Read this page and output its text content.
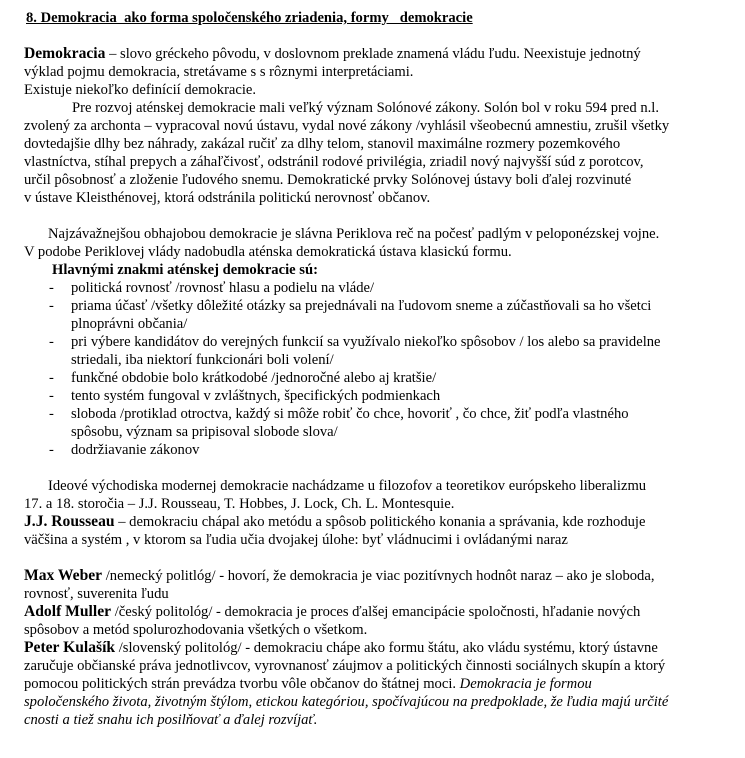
8. Demokracia  ako forma spoločenského zriadenia, formy   demokracie

Demokracia – slovo gréckeho pôvodu, v doslovnom preklade znamená vládu ľudu. Neexistuje jednotný

výklad pojmu demokracia, stretávame s s rôznymi interpretáciami.

Existuje niekoľko definícií demokracie.

Pre rozvoj aténskej demokracie mali veľký význam Solónové zákony. Solón bol v roku 594 pred n.l.

zvolený za archonta – vypracoval novú ústavu, vydal nové zákony /vyhlásil všeobecnú amnestiu, zrušil všetky

dovtedajšie dlhy bez náhrady, zakázal ručiť za dlhy telom, stanovil maximálne rozmery pozemkového

vlastníctva, stíhal prepych a záhaľčivosť, odstránil rodové privilégia, zriadil nový najvyšší súd z porotcov,

určil pôsobnosť a zloženie ľudového snemu. Demokratické prvky Solónovej ústavy boli ďalej rozvinuté

v ústave Kleisthénovej, ktorá odstránila politickú nerovnosť občanov.

Najzávažnejšou obhajobou demokracie je slávna Periklova reč na počesť padlým v peloponézskej vojne.

V podobe Periklovej vlády nadobudla aténska demokratická ústava klasickú formu.

Hlavnými znakmi aténskej demokracie sú:

- politická rovnosť /rovnosť hlasu a podielu na vláde/
- priama účasť /všetky dôležité otázky sa prejednávali na ľudovom sneme a zúčastňovali sa ho všetci
plnoprávni občania/
- pri výbere kandidátov do verejných funkcií sa využívalo niekoľko spôsobov / los alebo sa pravidelne
striedali, iba niektorí funkcionári boli volení/
- funkčné obdobie bolo krátkodobé /jednoročné alebo aj kratšie/
- tento systém fungoval v zvláštnych, špecifických podmienkach
- sloboda /protiklad otroctva, každý si môže robiť čo chce, hovoriť , čo chce, žiť podľa vlastného
spôsobu, význam sa pripisoval slobode slova/
- dodržiavanie zákonov

Ideové východiska modernej demokracie nachádzame u filozofov a teoretikov európskeho liberalizmu

17. a 18. storočia – J.J. Rousseau, T. Hobbes, J. Lock, Ch. L. Montesquie.

J.J. Rousseau – demokraciu chápal ako metódu a spôsob politického konania a správania, kde rozhoduje

väčšina a systém , v ktorom sa ľudia učia dvojakej úlohe: byť vládnucimi i ovládanými naraz

Max Weber /nemecký politlóg/ - hovorí, že demokracia je viac pozitívnych hodnôt naraz – ako je sloboda,

rovnosť, suverenita ľudu

Adolf Muller /český politológ/ - demokracia je proces ďalšej emancipácie spoločnosti, hľadanie nových

spôsobov a metód spolurozhodovania všetkých o všetkom.

Peter Kulašík /slovenský politológ/ - demokraciu chápe ako formu štátu, ako vládu systému, ktorý ústavne

zaručuje občianské práva jednotlivcov, vyrovnanosť záujmov a politických činnosti sociálnych skupín a ktorý

pomocou politických strán prevádza tvorbu vôle občanov do štátnej moci. Demokracia je formou

spoločenského života, životným štýlom, etickou kategóriou, spočívajúcou na predpoklade, že ľudia majú určité

cnosti a tiež snahu ich posilňovať a ďalej rozvíjať.
